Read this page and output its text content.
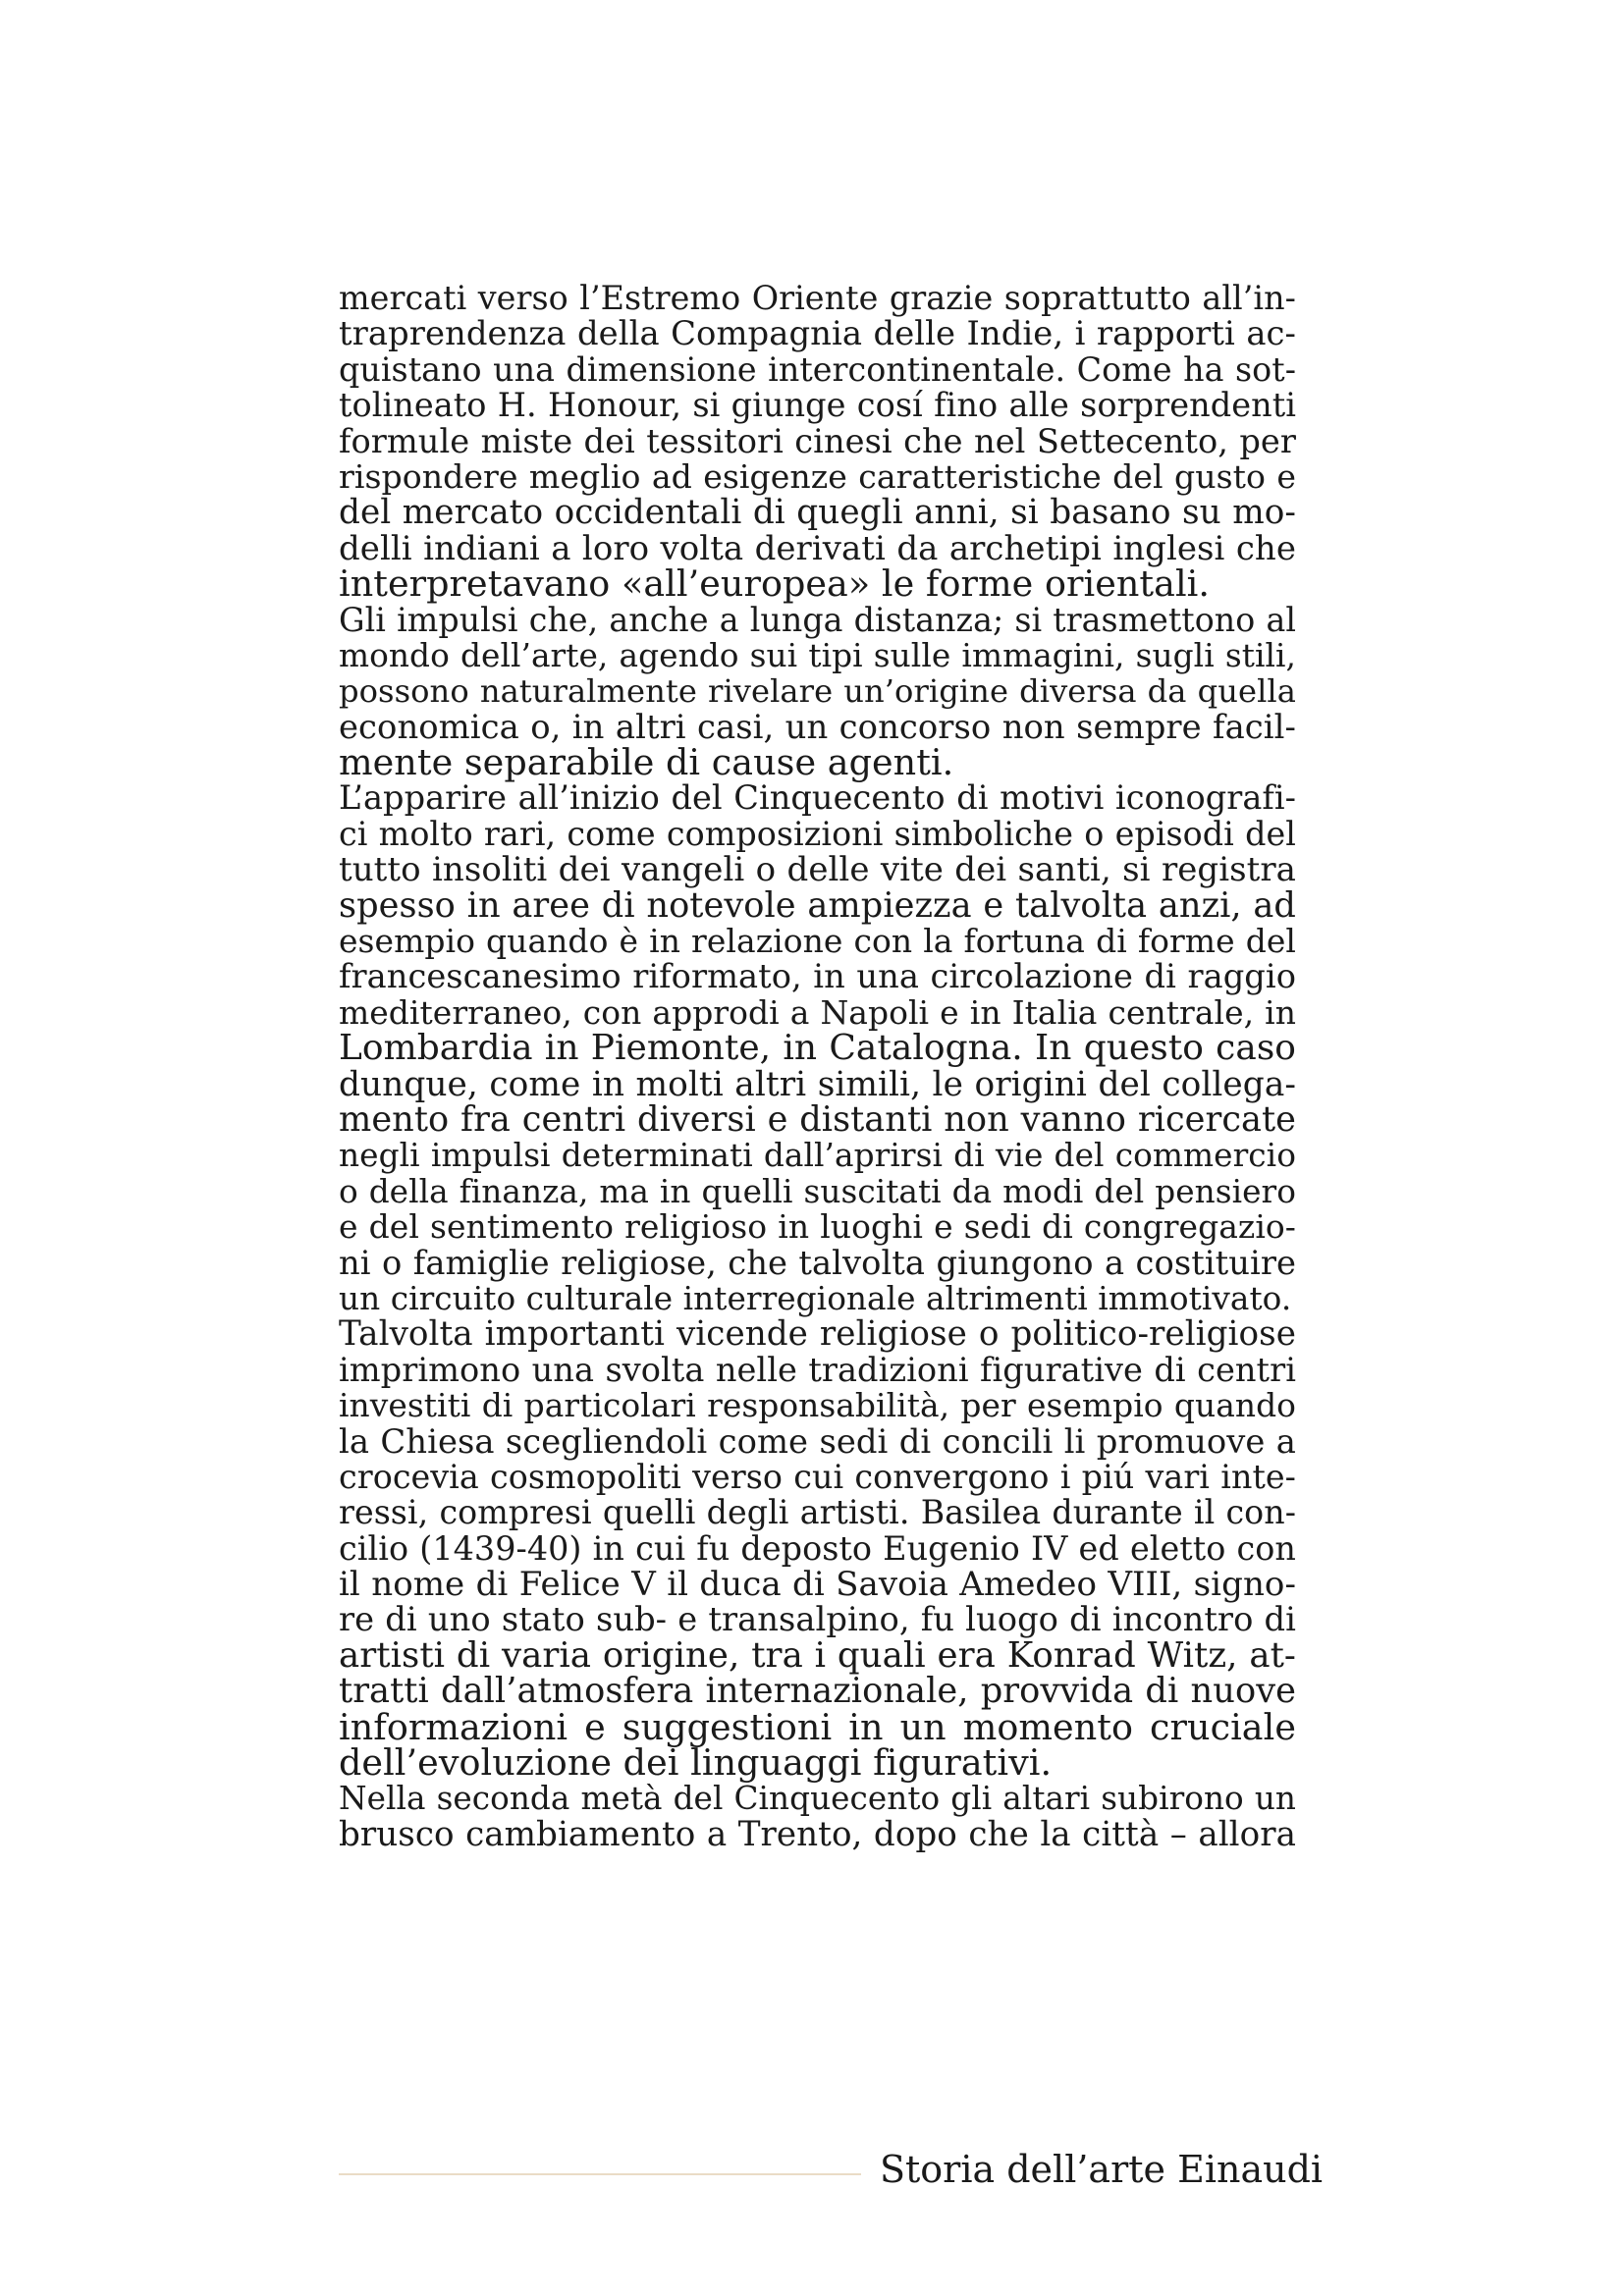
mercati verso l’Estremo Oriente grazie soprattutto all’in-
traprendenza della Compagnia delle Indie, i rapporti ac-
quistano una dimensione intercontinentale. Come ha sot-
tolineato H. Honour, si giunge cosí fino alle sorprendenti
formule miste dei tessitori cinesi che nel Settecento, per
rispondere meglio ad esigenze caratteristiche del gusto e
del mercato occidentali di quegli anni, si basano su mo-
delli indiani a loro volta derivati da archetipi inglesi che
interpretavano «all’europea» le forme orientali.
Gli impulsi che, anche a lunga distanza; si trasmettono al
mondo dell’arte, agendo sui tipi sulle immagini, sugli stili,
possono naturalmente rivelare un’origine diversa da quella
economica o, in altri casi, un concorso non sempre facil-
mente separabile di cause agenti.
L’apparire all’inizio del Cinquecento di motivi iconografi-
ci molto rari, come composizioni simboliche o episodi del
tutto insoliti dei vangeli o delle vite dei santi, si registra
spesso in aree di notevole ampiezza e talvolta anzi, ad
esempio quando è in relazione con la fortuna di forme del
francescanesimo riformato, in una circolazione di raggio
mediterraneo, con approdi a Napoli e in Italia centrale, in
Lombardia in Piemonte, in Catalogna. In questo caso
dunque, come in molti altri simili, le origini del collega-
mento fra centri diversi e distanti non vanno ricercate
negli impulsi determinati dall’aprirsi di vie del commercio
o della finanza, ma in quelli suscitati da modi del pensiero
e del sentimento religioso in luoghi e sedi di congregazio-
ni o famiglie religiose, che talvolta giungono a costituire
un circuito culturale interregionale altrimenti immotivato.
Talvolta importanti vicende religiose o politico-religiose
imprimono una svolta nelle tradizioni figurative di centri
investiti di particolari responsabilità, per esempio quando
la Chiesa scegliendoli come sedi di concili li promuove a
crocevia cosmopoliti verso cui convergono i piú vari inte-
ressi, compresi quelli degli artisti. Basilea durante il con-
cilio (1439-40) in cui fu deposto Eugenio IV ed eletto con
il nome di Felice V il duca di Savoia Amedeo VIII, signo-
re di uno stato sub- e transalpino, fu luogo di incontro di
artisti di varia origine, tra i quali era Konrad Witz, at-
tratti dall’atmosfera internazionale, provvida di nuove
informazioni e suggestioni in un momento cruciale
dell’evoluzione dei linguaggi figurativi.
Nella seconda metà del Cinquecento gli altari subirono un
brusco cambiamento a Trento, dopo che la città – allora
Storia dell’arte Einaudi
